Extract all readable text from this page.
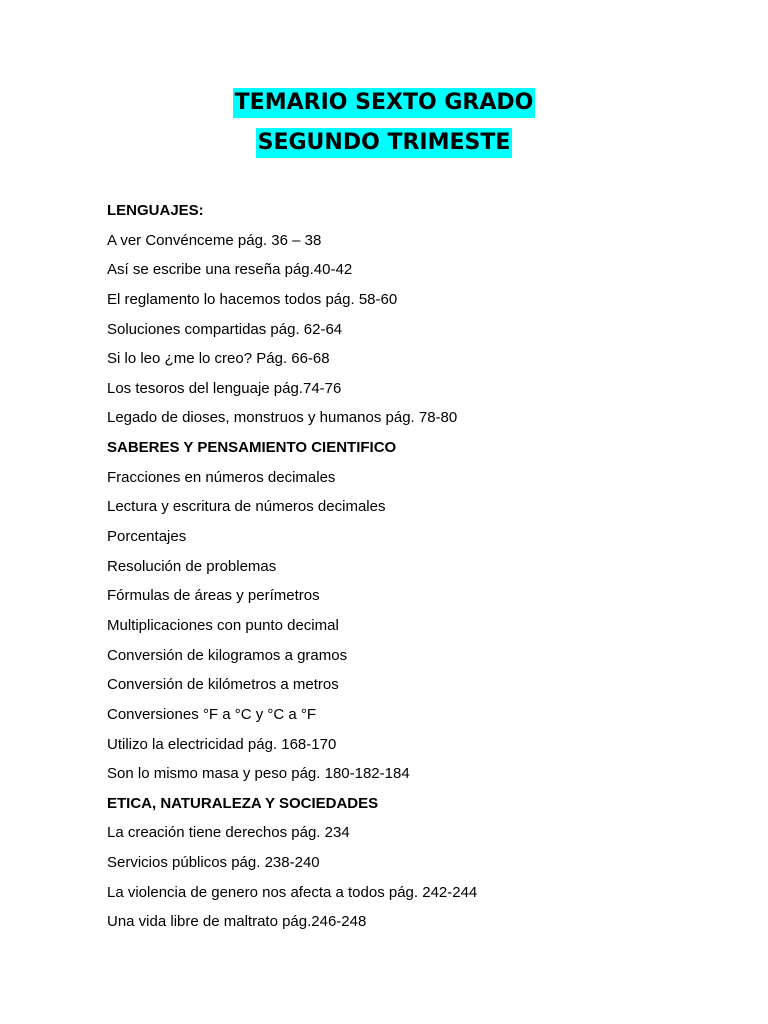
TEMARIO SEXTO GRADO
SEGUNDO TRIMESTE
LENGUAJES:
A ver Convénceme pág. 36 – 38
Así se escribe una reseña pág.40-42
El reglamento lo hacemos todos pág. 58-60
Soluciones compartidas pág. 62-64
Si lo leo ¿me lo creo? Pág. 66-68
Los tesoros del lenguaje pág.74-76
Legado de dioses, monstruos y humanos pág. 78-80
SABERES Y PENSAMIENTO CIENTIFICO
Fracciones en números decimales
Lectura y escritura de números decimales
Porcentajes
Resolución de problemas
Fórmulas de áreas y perímetros
Multiplicaciones con punto decimal
Conversión de kilogramos a gramos
Conversión de kilómetros a metros
Conversiones °F a °C y °C a °F
Utilizo la electricidad pág. 168-170
Son lo mismo masa y peso pág. 180-182-184
ETICA, NATURALEZA Y SOCIEDADES
La creación tiene derechos pág. 234
Servicios públicos pág. 238-240
La violencia de genero nos afecta a todos pág. 242-244
Una vida libre de maltrato pág.246-248
